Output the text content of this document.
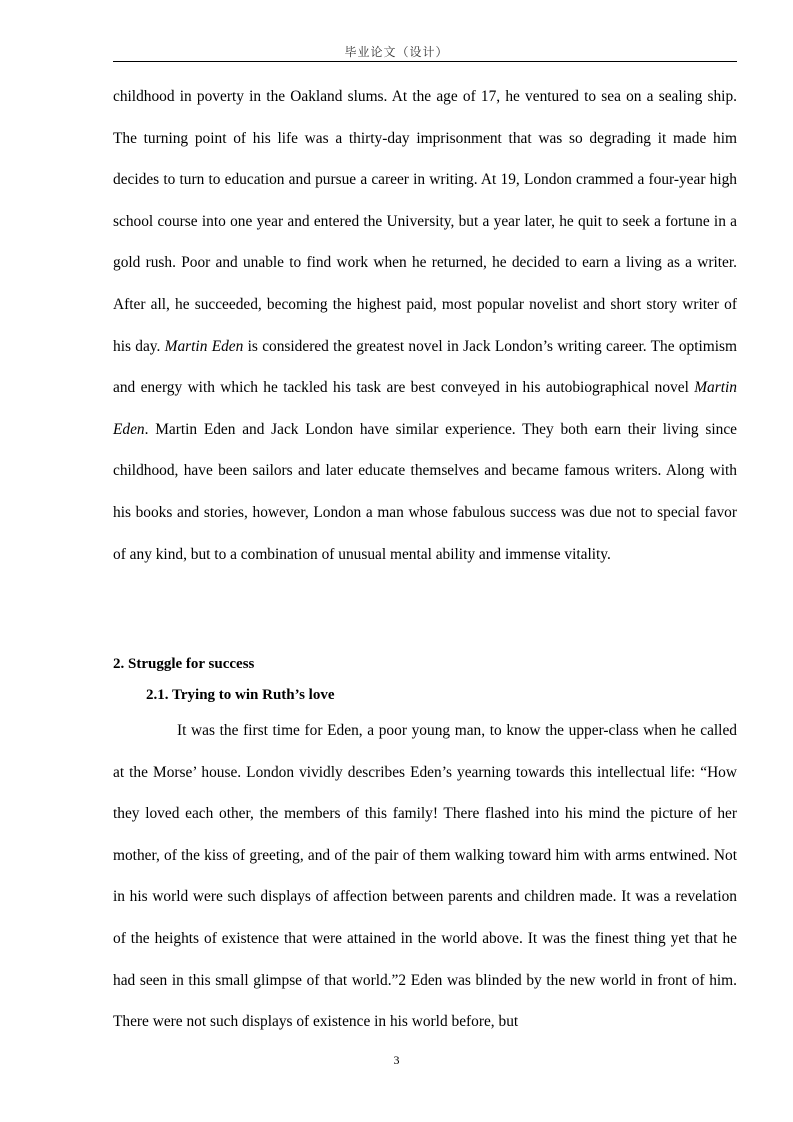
毕业论文（设计）

childhood in poverty in the Oakland slums. At the age of 17, he ventured to sea on a sealing ship. The turning point of his life was a thirty-day imprisonment that was so degrading it made him decides to turn to education and pursue a career in writing. At 19, London crammed a four-year high school course into one year and entered the University, but a year later, he quit to seek a fortune in a gold rush. Poor and unable to find work when he returned, he decided to earn a living as a writer. After all, he succeeded, becoming the highest paid, most popular novelist and short story writer of his day. Martin Eden is considered the greatest novel in Jack London’s writing career. The optimism and energy with which he tackled his task are best conveyed in his autobiographical novel Martin Eden. Martin Eden and Jack London have similar experience. They both earn their living since childhood, have been sailors and later educate themselves and became famous writers. Along with his books and stories, however, London a man whose fabulous success was due not to special favor of any kind, but to a combination of unusual mental ability and immense vitality.

2. Struggle for success
2.1. Trying to win Ruth’s love

It was the first time for Eden, a poor young man, to know the upper-class when he called at the Morse’ house. London vividly describes Eden’s yearning towards this intellectual life: “How they loved each other, the members of this family! There flashed into his mind the picture of her mother, of the kiss of greeting, and of the pair of them walking toward him with arms entwined. Not in his world were such displays of affection between parents and children made. It was a revelation of the heights of existence that were attained in the world above. It was the finest thing yet that he had seen in this small glimpse of that world.”2 Eden was blinded by the new world in front of him. There were not such displays of existence in his world before, but

3
